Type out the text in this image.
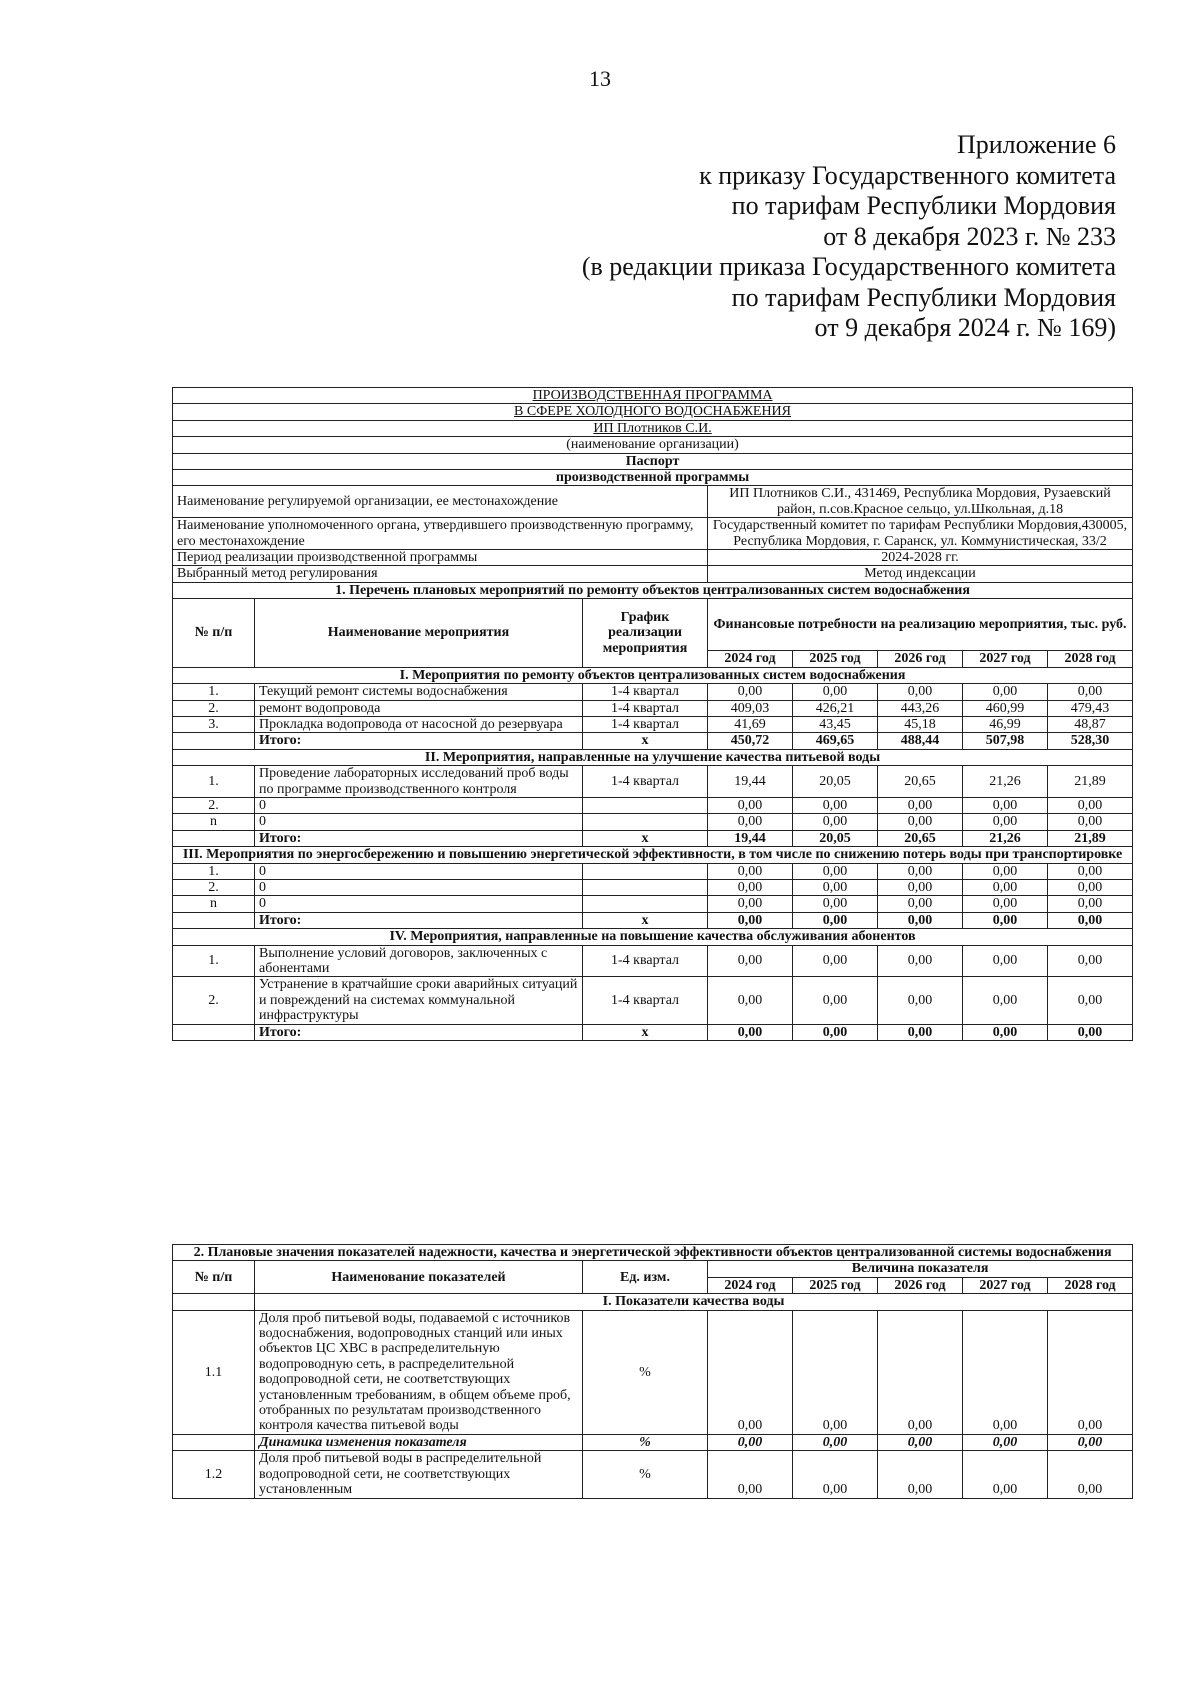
13
Приложение 6
к приказу Государственного комитета
по тарифам Республики Мордовия
от 8 декабря 2023 г. № 233
(в редакции приказа Государственного комитета
по тарифам Республики Мордовия
от 9 декабря 2024 г. № 169)
ПРОИЗВОДСТВЕННАЯ ПРОГРАММА							
В СФЕРЕ ХОЛОДНОГО ВОДОСНАБЖЕНИЯ							
ИП Плотников С.И.							
(наименование организации)							
Паспорт							
производственной программы							
Наименование регулируемой организации, ее местонахождение			ИП Плотников С.И., 431469, Республика Мордовия, Рузаевский район, п.сов.Красное сельцо, ул.Школьная, д.18				
Наименование уполномоченного органа, утвердившего производственную программу, его местонахождение			Государственный комитет по тарифам Республики Мордовия,430005, Республика Мордовия, г. Саранск, ул. Коммунистическая, 33/2				
Период реализации производственной программы			2024-2028 гг.				
Выбранный метод регулирования			Метод индексации				
1. Перечень плановых мероприятий по ремонту объектов централизованных систем водоснабжения							
№ п/п	Наименование мероприятия	График реализации мероприятия	Финансовые потребности на реализацию мероприятия, тыс. руб.				
			2024 год	2025 год	2026 год	2027 год	2028 год
I. Мероприятия по ремонту объектов централизованных систем водоснабжения							
1.	Текущий ремонт системы водоснабжения	1-4 квартал	0,00	0,00	0,00	0,00	0,00
2.	ремонт водопровода	1-4 квартал	409,03	426,21	443,26	460,99	479,43
3.	Прокладка водопровода от насосной до резервуара	1-4 квартал	41,69	43,45	45,18	46,99	48,87
	Итого:	х	450,72	469,65	488,44	507,98	528,30
II. Мероприятия, направленные на улучшение качества питьевой воды							
1.	Проведение лабораторных исследований проб воды по программе производственного контроля	1-4 квартал	19,44	20,05	20,65	21,26	21,89
2.	0		0,00	0,00	0,00	0,00	0,00
n	0		0,00	0,00	0,00	0,00	0,00
	Итого:	х	19,44	20,05	20,65	21,26	21,89
III. Мероприятия по энергосбережению и повышению энергетической эффективности, в том числе по снижению потерь воды при транспортировке							
1.	0		0,00	0,00	0,00	0,00	0,00
2.	0		0,00	0,00	0,00	0,00	0,00
n	0		0,00	0,00	0,00	0,00	0,00
	Итого:	х	0,00	0,00	0,00	0,00	0,00
IV. Мероприятия, направленные на повышение качества обслуживания абонентов							
1.	Выполнение условий договоров, заключенных с абонентами	1-4 квартал	0,00	0,00	0,00	0,00	0,00
2.	Устранение в кратчайшие сроки аварийных ситуаций и повреждений на системах коммунальной инфраструктуры	1-4 квартал	0,00	0,00	0,00	0,00	0,00
	Итого:	х	0,00	0,00	0,00	0,00	0,00
2. Плановые значения показателей надежности, качества и энергетической эффективности объектов централизованной системы водоснабжения							
№ п/п	Наименование показателей	Ед. изм.	Величина показателя				
			2024 год	2025 год	2026 год	2027 год	2028 год
	I. Показатели качества воды						
1.1	Доля проб питьевой воды, подаваемой с источников водоснабжения, водопроводных станций или иных объектов ЦС ХВС в распределительную водопроводную сеть, в распределительной водопроводной сети, не соответствующих установленным требованиям, в общем объеме проб, отобранных по результатам производственного контроля качества питьевой воды	%	0,00	0,00	0,00	0,00	0,00
	Динамика изменения показателя	%	0,00	0,00	0,00	0,00	0,00
1.2	Доля проб питьевой воды в распределительной водопроводной сети, не соответствующих установленным	%	0,00	0,00	0,00	0,00	0,00
